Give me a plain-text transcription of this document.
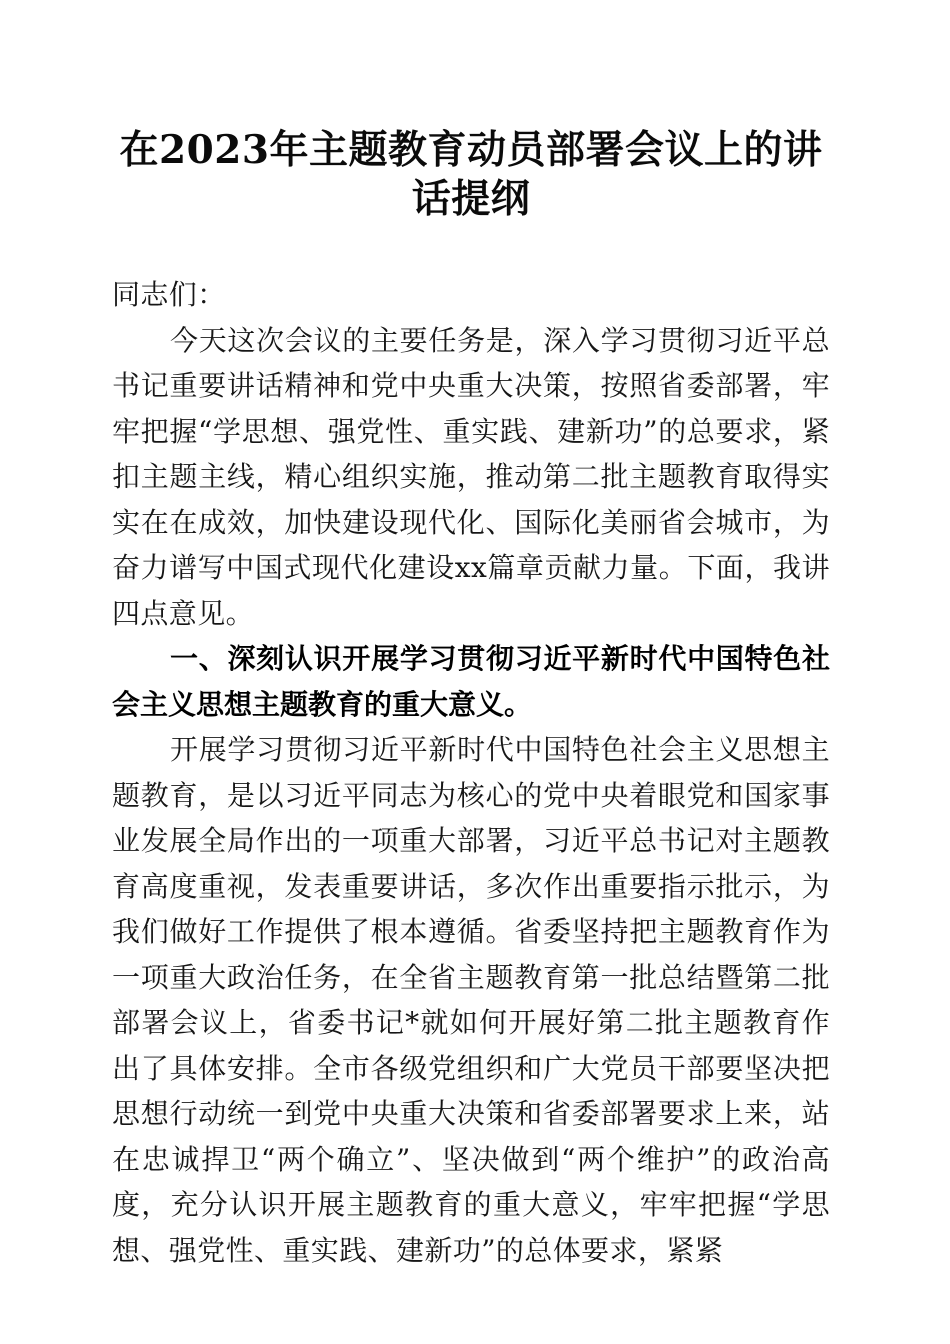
在2023年主题教育动员部署会议上的讲话提纲

同志们：

今天这次会议的主要任务是，深入学习贯彻习近平总书记重要讲话精神和党中央重大决策，按照省委部署，牢牢把握“学思想、强党性、重实践、建新功”的总要求，紧扣主题主线，精心组织实施，推动第二批主题教育取得实实在在成效，加快建设现代化、国际化美丽省会城市，为奋力谱写中国式现代化建设xx篇章贡献力量。下面，我讲四点意见。

一、深刻认识开展学习贯彻习近平新时代中国特色社会主义思想主题教育的重大意义。

开展学习贯彻习近平新时代中国特色社会主义思想主题教育，是以习近平同志为核心的党中央着眼党和国家事业发展全局作出的一项重大部署，习近平总书记对主题教育高度重视，发表重要讲话，多次作出重要指示批示，为我们做好工作提供了根本遵循。省委坚持把主题教育作为一项重大政治任务，在全省主题教育第一批总结暨第二批部署会议上，省委书记*就如何开展好第二批主题教育作出了具体安排。全市各级党组织和广大党员干部要坚决把思想行动统一到党中央重大决策和省委部署要求上来，站在忠诚捍卫“两个确立”、坚决做到“两个维护”的政治高度，充分认识开展主题教育的重大意义，牢牢把握“学思想、强党性、重实践、建新功”的总体要求，紧紧
